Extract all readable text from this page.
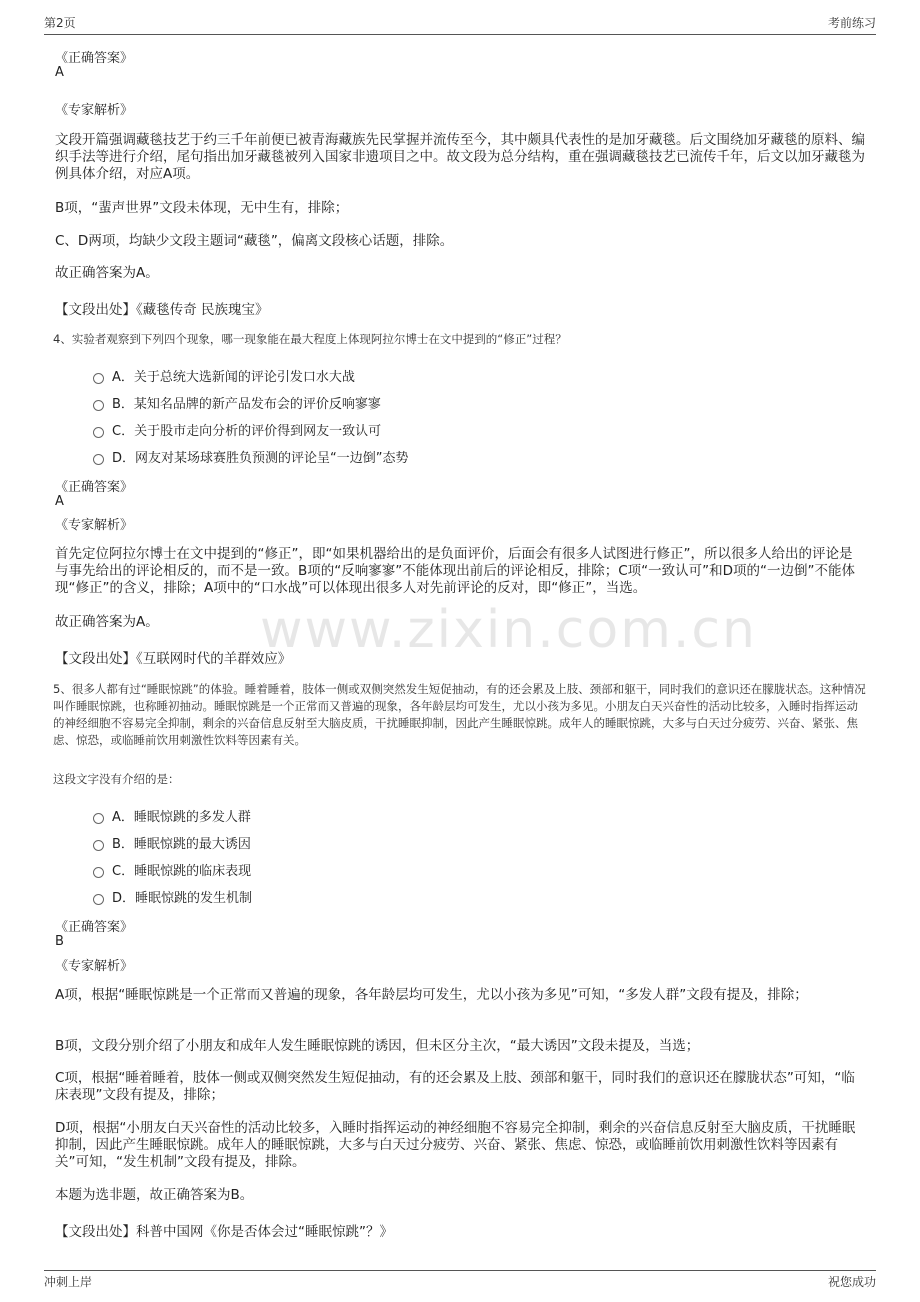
第2页	考前练习
www.zixin.com.cn
《正确答案》
A
《专家解析》
文段开篇强调藏毯技艺于约三千年前便已被青海藏族先民掌握并流传至今，其中颇具代表性的是加牙藏毯。后文围绕加牙藏毯的原料、编织手法等进行介绍，尾句指出加牙藏毯被列入国家非遗项目之中。故文段为总分结构，重在强调藏毯技艺已流传千年，后文以加牙藏毯为例具体介绍，对应A项。
B项，“蜚声世界”文段未体现，无中生有，排除；
C、D两项，均缺少文段主题词“藏毯”，偏离文段核心话题，排除。
故正确答案为A。
【文段出处】《藏毯传奇 民族瑰宝》
4、实验者观察到下列四个现象，哪一现象能在最大程度上体现阿拉尔博士在文中提到的“修正”过程？
A．关于总统大选新闻的评论引发口水大战
B．某知名品牌的新产品发布会的评价反响寥寥
C．关于股市走向分析的评价得到网友一致认可
D．网友对某场球赛胜负预测的评论呈“一边倒”态势
《正确答案》
A
《专家解析》
首先定位阿拉尔博士在文中提到的“修正”，即“如果机器给出的是负面评价，后面会有很多人试图进行修正”，所以很多人给出的评论是与事先给出的评论相反的，而不是一致。B项的“反响寥寥”不能体现出前后的评论相反，排除；C项“一致认可”和D项的“一边倒”不能体现“修正”的含义，排除；A项中的“口水战”可以体现出很多人对先前评论的反对，即“修正”，当选。
故正确答案为A。
【文段出处】《互联网时代的羊群效应》
5、很多人都有过“睡眠惊跳”的体验。睡着睡着，肢体一侧或双侧突然发生短促抽动，有的还会累及上肢、颈部和躯干，同时我们的意识还在朦胧状态。这种情况叫作睡眠惊跳，也称睡初抽动。睡眠惊跳是一个正常而又普遍的现象，各年龄层均可发生，尤以小孩为多见。小朋友白天兴奋性的活动比较多，入睡时指挥运动的神经细胞不容易完全抑制，剩余的兴奋信息反射至大脑皮质，干扰睡眠抑制，因此产生睡眠惊跳。成年人的睡眠惊跳，大多与白天过分疲劳、兴奋、紧张、焦虑、惊恐，或临睡前饮用刺激性饮料等因素有关。
这段文字没有介绍的是：
A．睡眠惊跳的多发人群
B．睡眠惊跳的最大诱因
C．睡眠惊跳的临床表现
D．睡眠惊跳的发生机制
《正确答案》
B
《专家解析》
A项，根据“睡眠惊跳是一个正常而又普遍的现象，各年龄层均可发生，尤以小孩为多见”可知，“多发人群”文段有提及，排除；
B项，文段分别介绍了小朋友和成年人发生睡眠惊跳的诱因，但未区分主次，“最大诱因”文段未提及，当选；
C项，根据“睡着睡着，肢体一侧或双侧突然发生短促抽动，有的还会累及上肢、颈部和躯干，同时我们的意识还在朦胧状态”可知，“临床表现”文段有提及，排除；
D项，根据“小朋友白天兴奋性的活动比较多，入睡时指挥运动的神经细胞不容易完全抑制，剩余的兴奋信息反射至大脑皮质，干扰睡眠抑制，因此产生睡眠惊跳。成年人的睡眠惊跳，大多与白天过分疲劳、兴奋、紧张、焦虑、惊恐，或临睡前饮用刺激性饮料等因素有关”可知，“发生机制”文段有提及，排除。
本题为选非题，故正确答案为B。
【文段出处】科普中国网《你是否体会过“睡眠惊跳”？》
冲刺上岸	祝您成功
